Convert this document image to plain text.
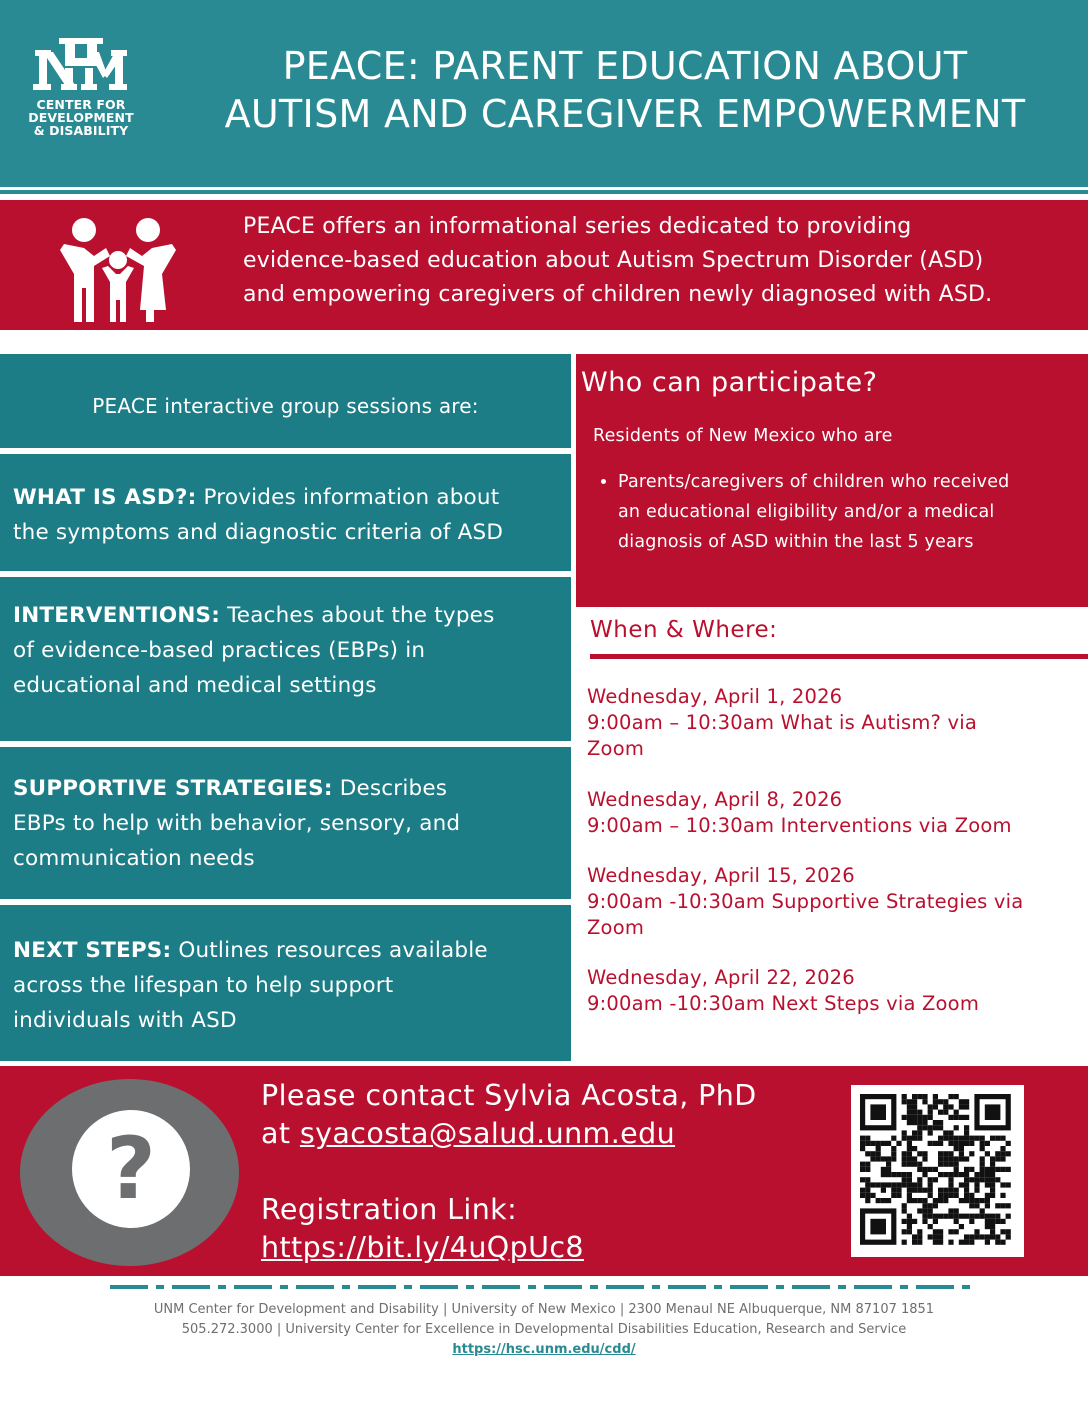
CENTER FOR
DEVELOPMENT
& DISABILITY
PEACE: PARENT EDUCATION ABOUT
AUTISM AND CAREGIVER EMPOWERMENT
PEACE offers an informational series dedicated to providing
evidence-based education about Autism Spectrum Disorder (ASD)
and empowering caregivers of children newly diagnosed with ASD.
PEACE interactive group sessions are:
WHAT IS ASD?: Provides information about
the symptoms and diagnostic criteria of ASD
INTERVENTIONS: Teaches about the types
of evidence-based practices (EBPs) in
educational and medical settings
SUPPORTIVE STRATEGIES: Describes
EBPs to help with behavior, sensory, and
communication needs
NEXT STEPS: Outlines resources available
across the lifespan to help support
individuals with ASD
Who can participate?
Residents of New Mexico who are
• Parents/caregivers of children who received
an educational eligibility and/or a medical
diagnosis of ASD within the last 5 years
When & Where:
Wednesday, April 1, 2026
9:00am – 10:30am What is Autism? via
Zoom
Wednesday, April 8, 2026
9:00am – 10:30am Interventions via Zoom
Wednesday, April 15, 2026
9:00am -10:30am Supportive Strategies via
Zoom
Wednesday, April 22, 2026
9:00am -10:30am Next Steps via Zoom
?
Please contact Sylvia Acosta, PhD
at syacosta@salud.unm.edu
Registration Link:
https://bit.ly/4uQpUc8
UNM Center for Development and Disability | University of New Mexico | 2300 Menaul NE Albuquerque, NM 87107 1851
505.272.3000 | University Center for Excellence in Developmental Disabilities Education, Research and Service
https://hsc.unm.edu/cdd/
